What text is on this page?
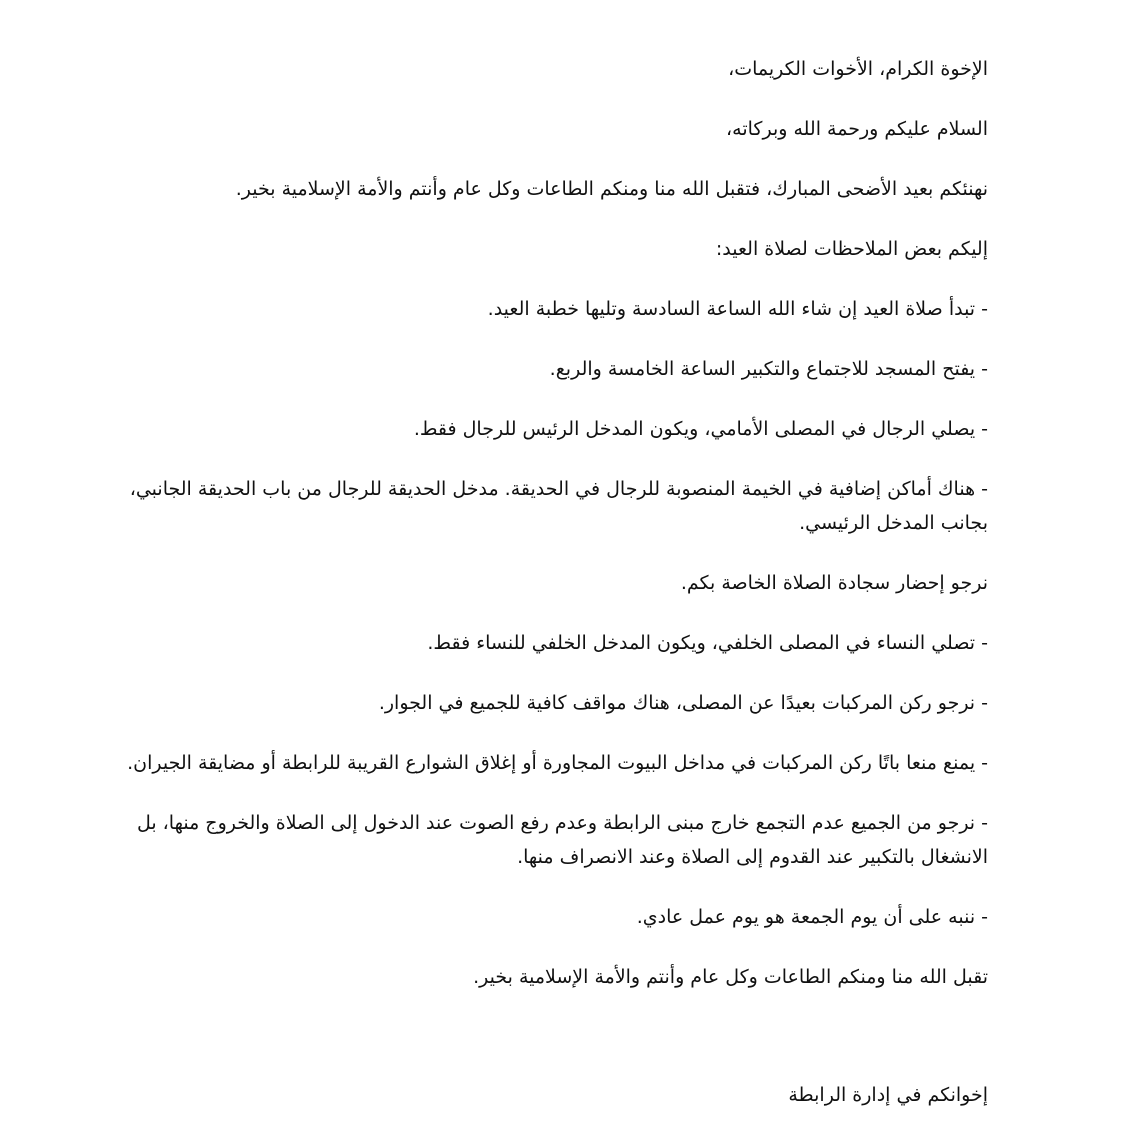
الإخوة الكرام، الأخوات الكريمات،

السلام عليكم ورحمة الله وبركاته،

نهنئكم بعيد الأضحى المبارك، فتقبل الله منا ومنكم الطاعات وكل عام وأنتم والأمة الإسلامية بخير.

إليكم بعض الملاحظات لصلاة العيد:

- تبدأ صلاة العيد إن شاء الله الساعة السادسة وتليها خطبة العيد.

- يفتح المسجد للاجتماع والتكبير الساعة الخامسة والربع.

- يصلي الرجال في المصلى الأمامي، ويكون المدخل الرئيس للرجال فقط.

- هناك أماكن إضافية في الخيمة المنصوبة للرجال في الحديقة. مدخل الحديقة للرجال من باب الحديقة الجانبي، بجانب المدخل الرئيسي.

نرجو إحضار سجادة الصلاة الخاصة بكم.

- تصلي النساء في المصلى الخلفي، ويكون المدخل الخلفي للنساء فقط.

- نرجو ركن المركبات بعيدًا عن المصلى، هناك مواقف كافية للجميع في الجوار.

- يمنع منعا باتًا ركن المركبات في مداخل البيوت المجاورة أو إغلاق الشوارع القريبة للرابطة أو مضايقة الجيران.

- نرجو من الجميع عدم التجمع خارج مبنى الرابطة وعدم رفع الصوت عند الدخول إلى الصلاة والخروج منها، بل الانشغال بالتكبير عند القدوم إلى الصلاة وعند الانصراف منها.

- ننبه على أن يوم الجمعة هو يوم عمل عادي.

تقبل الله منا ومنكم الطاعات وكل عام وأنتم والأمة الإسلامية بخير.

إخوانكم في إدارة الرابطة
